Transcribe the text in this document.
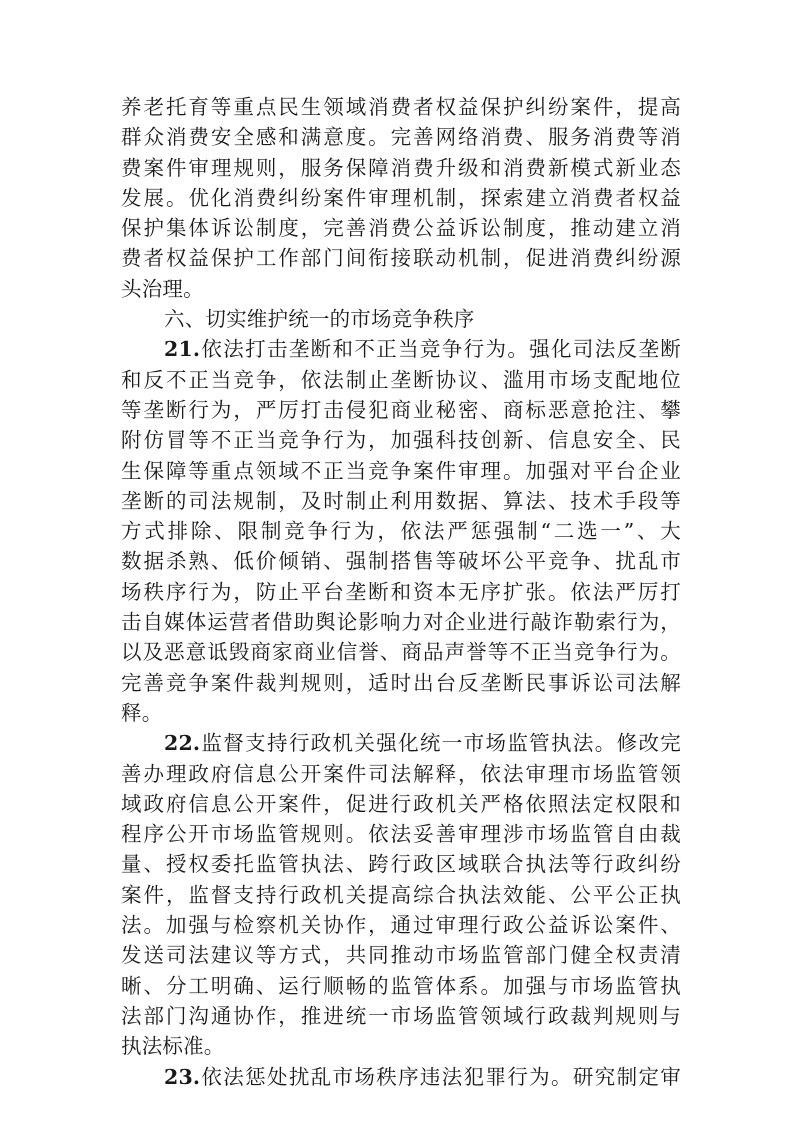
养老托育等重点民生领域消费者权益保护纠纷案件，提高
群众消费安全感和满意度。完善网络消费、服务消费等消
费案件审理规则，服务保障消费升级和消费新模式新业态
发展。优化消费纠纷案件审理机制，探索建立消费者权益
保护集体诉讼制度，完善消费公益诉讼制度，推动建立消
费者权益保护工作部门间衔接联动机制，促进消费纠纷源
头治理。
六、切实维护统一的市场竞争秩序
21.依法打击垄断和不正当竞争行为。强化司法反垄断
和反不正当竞争，依法制止垄断协议、滥用市场支配地位
等垄断行为，严厉打击侵犯商业秘密、商标恶意抢注、攀
附仿冒等不正当竞争行为，加强科技创新、信息安全、民
生保障等重点领域不正当竞争案件审理。加强对平台企业
垄断的司法规制，及时制止利用数据、算法、技术手段等
方式排除、限制竞争行为，依法严惩强制“二选一”、大
数据杀熟、低价倾销、强制搭售等破坏公平竞争、扰乱市
场秩序行为，防止平台垄断和资本无序扩张。依法严厉打
击自媒体运营者借助舆论影响力对企业进行敲诈勒索行为，
以及恶意诋毁商家商业信誉、商品声誉等不正当竞争行为。
完善竞争案件裁判规则，适时出台反垄断民事诉讼司法解
释。
22.监督支持行政机关强化统一市场监管执法。修改完
善办理政府信息公开案件司法解释，依法审理市场监管领
域政府信息公开案件，促进行政机关严格依照法定权限和
程序公开市场监管规则。依法妥善审理涉市场监管自由裁
量、授权委托监管执法、跨行政区域联合执法等行政纠纷
案件，监督支持行政机关提高综合执法效能、公平公正执
法。加强与检察机关协作，通过审理行政公益诉讼案件、
发送司法建议等方式，共同推动市场监管部门健全权责清
晰、分工明确、运行顺畅的监管体系。加强与市场监管执
法部门沟通协作，推进统一市场监管领域行政裁判规则与
执法标准。
23.依法惩处扰乱市场秩序违法犯罪行为。研究制定审
